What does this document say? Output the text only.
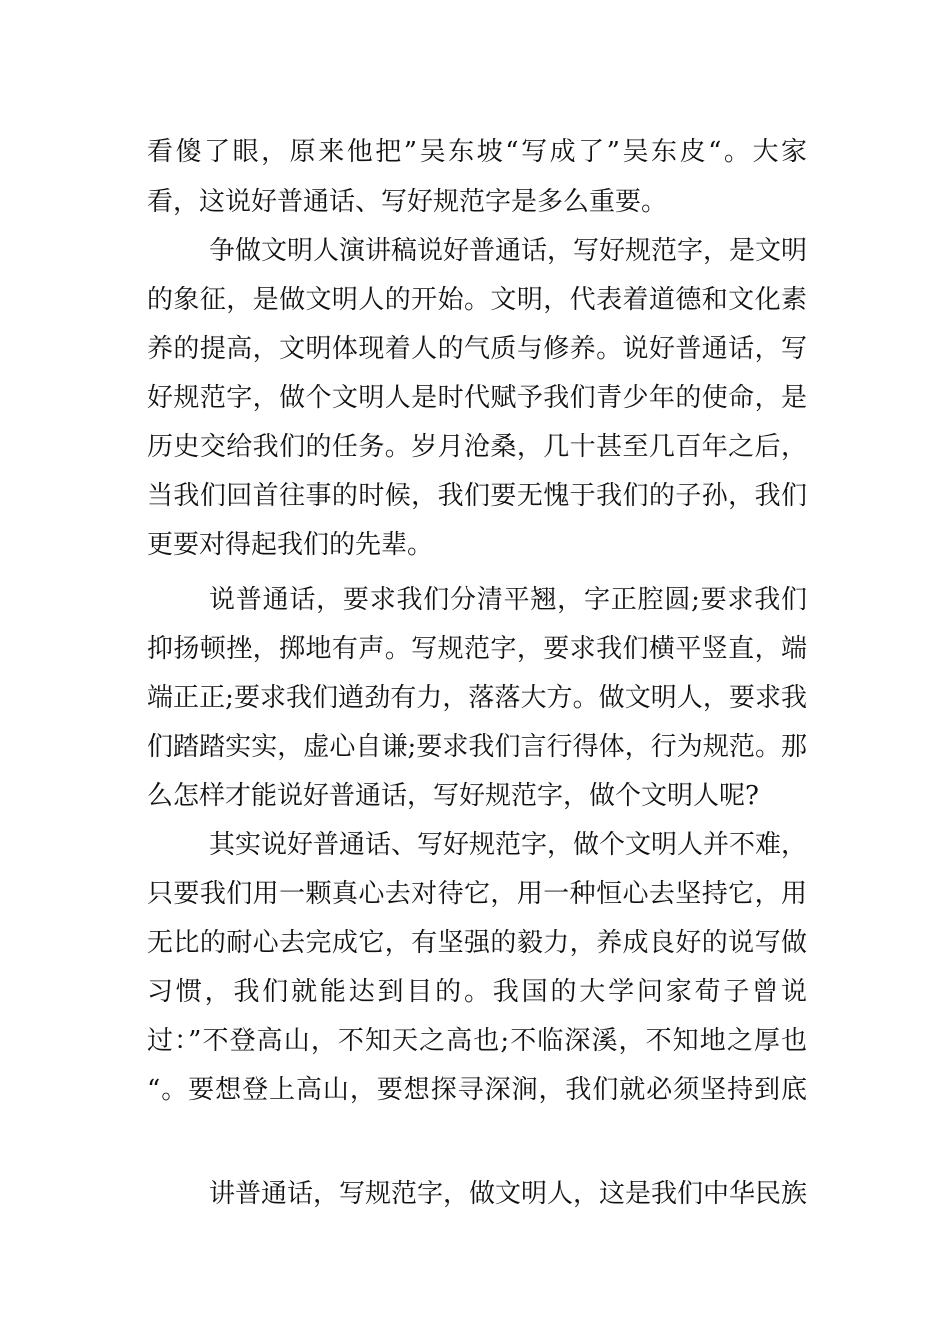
看傻了眼，原来他把”吴东坡“写成了”吴东皮“。大家
看，这说好普通话、写好规范字是多么重要。
争做文明人演讲稿说好普通话，写好规范字，是文明
的象征，是做文明人的开始。文明，代表着道德和文化素
养的提高，文明体现着人的气质与修养。说好普通话，写
好规范字，做个文明人是时代赋予我们青少年的使命，是
历史交给我们的任务。岁月沧桑，几十甚至几百年之后，
当我们回首往事的时候，我们要无愧于我们的子孙，我们
更要对得起我们的先辈。
说普通话，要求我们分清平翘，字正腔圆;要求我们
抑扬顿挫，掷地有声。写规范字，要求我们横平竖直，端
端正正;要求我们遒劲有力，落落大方。做文明人，要求我
们踏踏实实，虚心自谦;要求我们言行得体，行为规范。那
么怎样才能说好普通话，写好规范字，做个文明人呢?
其实说好普通话、写好规范字，做个文明人并不难，
只要我们用一颗真心去对待它，用一种恒心去坚持它，用
无比的耐心去完成它，有坚强的毅力，养成良好的说写做
习惯，我们就能达到目的。我国的大学问家荀子曾说
过：”不登高山，不知天之高也;不临深溪，不知地之厚也
“。要想登上高山，要想探寻深涧，我们就必须坚持到底
讲普通话，写规范字，做文明人，这是我们中华民族
